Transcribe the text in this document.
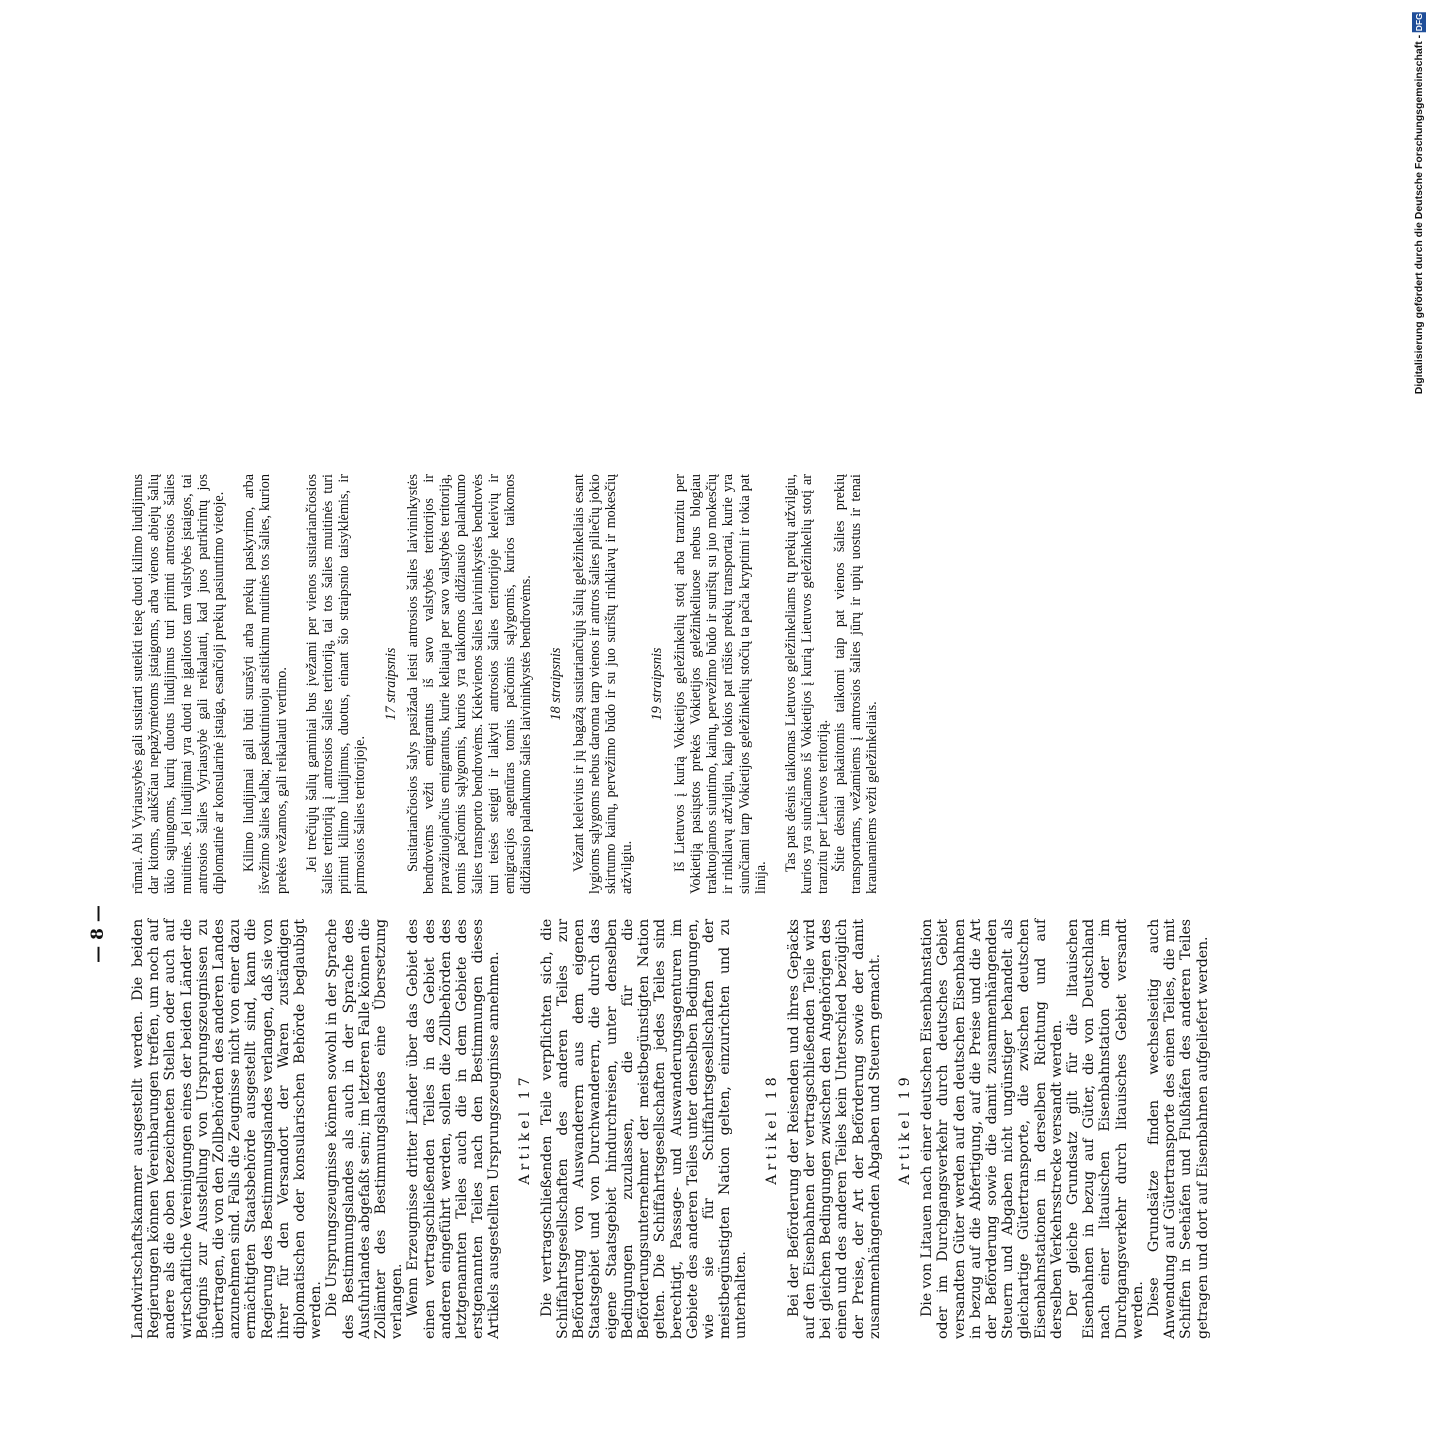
— 8 — Landwirtschaftskammer ausgestellt werden. Die beiden Regierungen können Vereinbarungen treffen, um noch auf andere als die oben bezeichneten Stellen oder auch auf wirtschaftliche Vereinigungen eines der beiden Länder die Befugnis zur Ausstellung von Ursprungszeugnissen zu übertragen, die von den Zollbehörden des anderen Landes anzunehmen sind. Falls die Zeugnisse nicht von einer dazu ermächtigten Staatsbehörde ausgestellt sind, kann die Regierung des Bestimmungslandes verlangen, daß sie von ihrer für den Versandort der Waren zuständigen diplomatischen oder konsularischen Behörde beglaubigt werden. Die Ursprungszeugnisse können sowohl in der Sprache des Bestimmungslandes als auch in der Sprache des Ausfuhrlandes abgefaßt sein; im letzteren Falle können die Zollämter des Bestimmungslandes eine Übersetzung verlangen. Wenn Erzeugnisse dritter Länder über das Gebiet des einen vertragschließenden Teiles in das Gebiet des anderen eingeführt werden, sollen die Zollbehörden des letztgenannten Teiles auch die in dem Gebiete des erstgenannten Teiles nach den Bestimmungen dieses Artikels ausgestellten Ursprungszeugnisse annehmen. Artikel 17 Die vertragschließenden Teile verpflichten sich, die Schiffahrtsgesellschaften des anderen Teiles zur Beförderung von Auswanderern aus dem eigenen Staatsgebiet und von Durchwanderern, die durch das eigene Staatsgebiet hindurchreisen, unter denselben Bedingungen zuzulassen, die für die Beförderungsunternehmer der meistbegünstigten Nation gelten. Die Schiffahrtsgesellschaften jedes Teiles sind berechtigt, Passage- und Auswanderungsagenturen im Gebiete des anderen Teiles unter denselben Bedingungen, wie sie für Schiffahrtsgesellschaften der meistbegünstigten Nation gelten, einzurichten und zu unterhalten.

Artikel 18 Bei der Beförderung der Reisenden und ihres Gepäcks auf den Eisenbahnen der vertragschließenden Teile wird bei gleichen Bedingungen zwischen den Angehörigen des einen und des anderen Teiles kein Unterschied bezüglich der Preise, der Art der Beförderung sowie der damit zusammenhängenden Abgaben und Steuern gemacht. Artikel 19 Die von Litauen nach einer deutschen Eisenbahnstation oder im Durchgangsverkehr durch deutsches Gebiet versandten Güter werden auf den deutschen Eisenbahnen in bezug auf die Abfertigung, auf die Preise und die Art der Beförderung sowie die damit zusammenhängenden Steuern und Abgaben nicht ungünstiger behandelt als gleichartige Gütertransporte, die zwischen deutschen Eisenbahnstationen in derselben Richtung und auf derselben Verkehrsstrecke versandt werden. Der gleiche Grundsatz gilt für die litauischen Eisenbahnen in bezug auf Güter, die von Deutschland nach einer litauischen Eisenbahnstation oder im Durchgangsverkehr durch litauisches Gebiet versandt werden. Diese Grundsätze finden wechselseitig auch Anwendung auf Gütertransporte des einen Teiles, die mit Schiffen in Seehäfen und Flußhäfen des anderen Teiles getragen und dort auf Eisenbahnen aufgeliefert werden.

rūmai. Abi Vyriausybės gali susitarti suteikti teisę duoti kilimo liudijimus dar kitoms, aukščiau nepažymėtoms įstaigoms, arba vienos abiejų šalių ūkio sąjungoms, kurių duotus liudijimus turi priimti antrosios šalies muitinės. Jei liudijimai yra duoti ne įgaliotos tam valstybės įstaigos, tai antrosios šalies Vyriausybė gali reikalauti, kad juos patrikrintų jos diplomatinė ar konsularinė įstaiga, esančioji prekių pasiuntimo vietoje. Kilimo liudijimai gali būti surašyti arba prekių paskyrimo, arba išvežimo šalies kalba; paskutiniuoju atsitikimu muitinės tos šalies, kurion prekės vežamos, gali reikalauti vertimo. Jei trečiųjų šalių gaminiai bus įvežami per vienos susitariančiosios šalies teritoriją į antrosios šalies teritoriją, tai tos šalies muitinės turi priimti kilimo liudijimus, duotus, einant šio straipsnio taisyklėmis, ir pirmosios šalies teritorijoje.

17 straipsnis Susitariančiosios šalys pasižada leisti antrosios šalies laivininkystės bendrovėms vežti emigrantus iš savo valstybės teritorijos ir pravažiuojančius emigrantus, kurie keliauja per savo valstybės teritoriją, tomis pačiomis sąlygomis, kurios yra taikomos didžiausio palankumo šalies transporto bendrovėms. Kiekvienos šalies laivininkystės bendrovės turi teisės steigti ir laikyti antrosios šalies teritorijoje keleivių ir emigracijos agentūras tomis pačiomis sąlygomis, kurios taikomos didžiausio palankumo šalies laivininkystės bendrovėms. 18 straipsnis Vežant keleivius ir jų bagažą susitariančiųjų šalių geležinkeliais esant lygioms sąlygoms nebus daroma tarp vienos ir antros šalies piliečių jokio skirtumo kainų, pervežimo būdo ir su juo surištų rinkliavų ir mokesčių atžvilgiu.

19 straipsnis Iš Lietuvos į kurią Vokietijos geležinkelių stotį arba tranzitu per Vokietiją pasiųstos prekės Vokietijos geležinkeliuose nebus blogiau traktuojamos siuntimo, kainų, pervežimo būdo ir surištų su juo mokesčių ir rinkliavų atžvilgiu, kaip tokios pat rūšies prekių transportai, kurie yra siunčiami tarp Vokietijos geležinkelių stočių ta pačia kryptimi ir tokia pat linija.

Tas pats dėsnis taikomas Lietuvos geležinkeliams tų prekių atžvilgiu, kurios yra siunčiamos iš Vokietijos į kurią Lietuvos geležinkelių stotį ar tranzitu per Lietuvos teritoriją. Šitie dėsniai pakaitomis taikomi taip pat vienos šalies prekių transportams, vežamiems į antrosios šalies jūrų ir upių uostus ir tenai kraunamiems vežti geležinkeliais.

Digitalisierung gefördert durch die Deutsche Forschungsgemeinschaft - DFG
